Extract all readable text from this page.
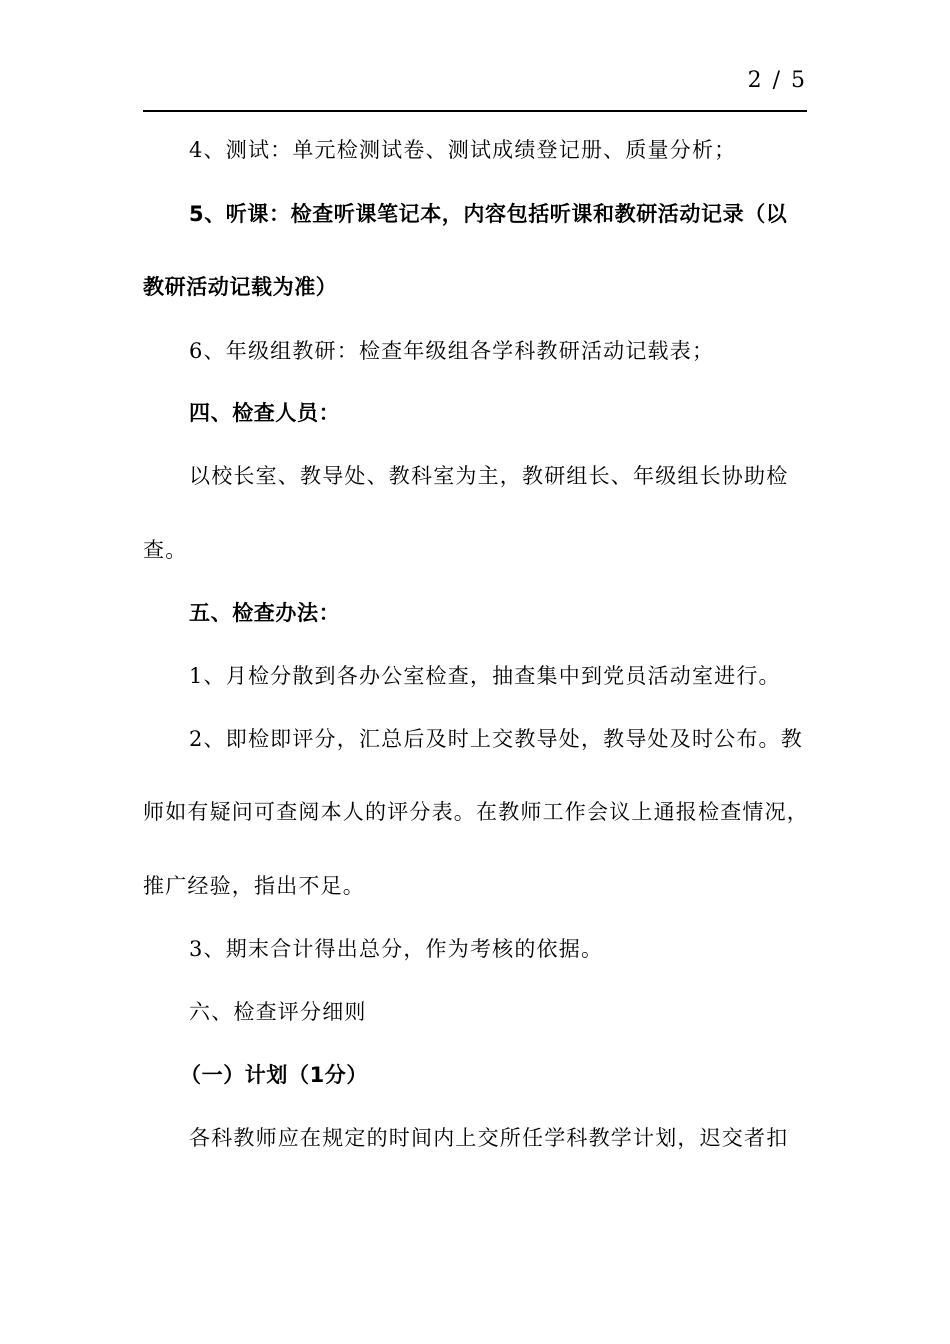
2 / 5
4、测试：单元检测试卷、测试成绩登记册、质量分析；
5、听课：检查听课笔记本，内容包括听课和教研活动记录（以
教研活动记载为准）
6、年级组教研：检查年级组各学科教研活动记载表；
四、检查人员：
以校长室、教导处、教科室为主，教研组长、年级组长协助检
查。
五、检查办法：
1、月检分散到各办公室检查，抽查集中到党员活动室进行。
2、即检即评分，汇总后及时上交教导处，教导处及时公布。教
师如有疑问可查阅本人的评分表。在教师工作会议上通报检查情况，
推广经验，指出不足。
3、期末合计得出总分，作为考核的依据。
六、检查评分细则
（一）计划（1分）
各科教师应在规定的时间内上交所任学科教学计划，迟交者扣
